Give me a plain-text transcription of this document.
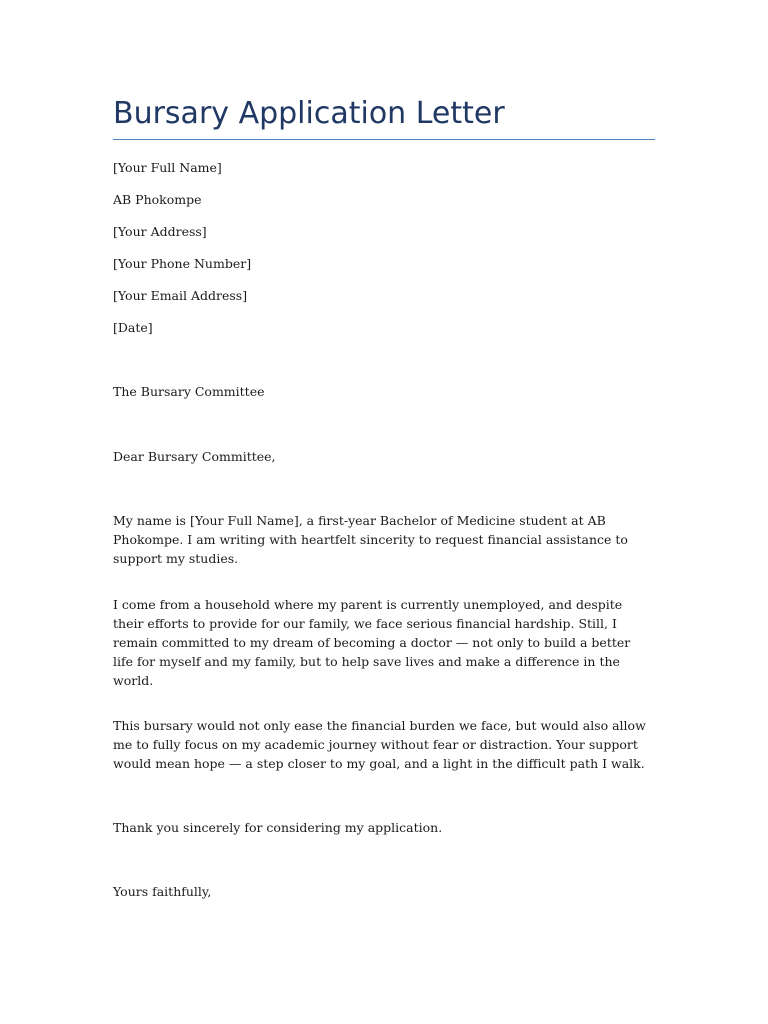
Bursary Application Letter

[Your Full Name]

AB Phokompe

[Your Address]

[Your Phone Number]

[Your Email Address]

[Date]

The Bursary Committee

Dear Bursary Committee,

My name is [Your Full Name], a first-year Bachelor of Medicine student at AB Phokompe. I am writing with heartfelt sincerity to request financial assistance to support my studies.

I come from a household where my parent is currently unemployed, and despite their efforts to provide for our family, we face serious financial hardship. Still, I remain committed to my dream of becoming a doctor — not only to build a better life for myself and my family, but to help save lives and make a difference in the world.

This bursary would not only ease the financial burden we face, but would also allow me to fully focus on my academic journey without fear or distraction. Your support would mean hope — a step closer to my goal, and a light in the difficult path I walk.

Thank you sincerely for considering my application.

Yours faithfully,
